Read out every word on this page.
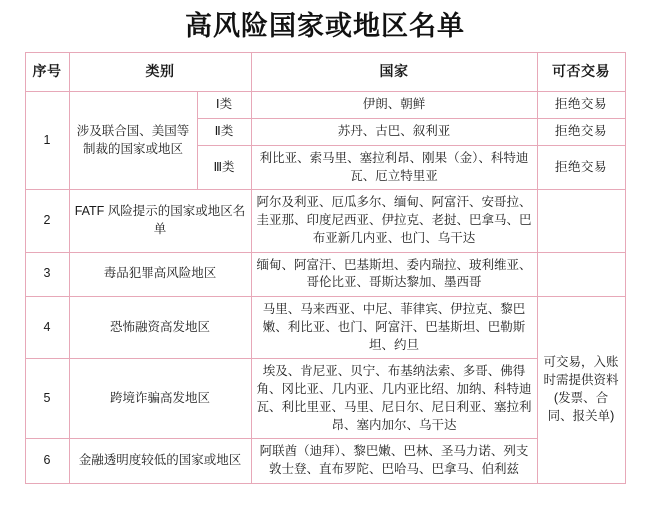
高风险国家或地区名单
序号	类别		国家	可否交易
1	涉及联合国、美国等制裁的国家或地区	Ⅰ类	伊朗、朝鲜	拒绝交易
		Ⅱ类	苏丹、古巴、叙利亚	拒绝交易
		Ⅲ类	利比亚、索马里、塞拉利昂、刚果（金）、科特迪瓦、厄立特里亚	拒绝交易
2	FATF 风险提示的国家或地区名单		阿尔及利亚、厄瓜多尔、缅甸、阿富汗、安哥拉、圭亚那、印度尼西亚、伊拉克、老挝、巴拿马、巴布亚新几内亚、也门、乌干达	
3	毒品犯罪高风险地区		缅甸、阿富汗、巴基斯坦、委内瑞拉、玻利维亚、哥伦比亚、哥斯达黎加、墨西哥	
4	恐怖融资高发地区		马里、马来西亚、中尼、菲律宾、伊拉克、黎巴嫩、利比亚、也门、阿富汗、巴基斯坦、巴勒斯坦、约旦	可交易，入账时需提供资料(发票、合同、报关单)
5	跨境诈骗高发地区		埃及、肯尼亚、贝宁、布基纳法索、多哥、佛得角、冈比亚、几内亚、几内亚比绍、加纳、科特迪瓦、利比里亚、马里、尼日尔、尼日利亚、塞拉利昂、塞内加尔、乌干达	
6	金融透明度较低的国家或地区		阿联酋（迪拜）、黎巴嫩、巴林、圣马力诺、列支敦士登、直布罗陀、巴哈马、巴拿马、伯利兹	
